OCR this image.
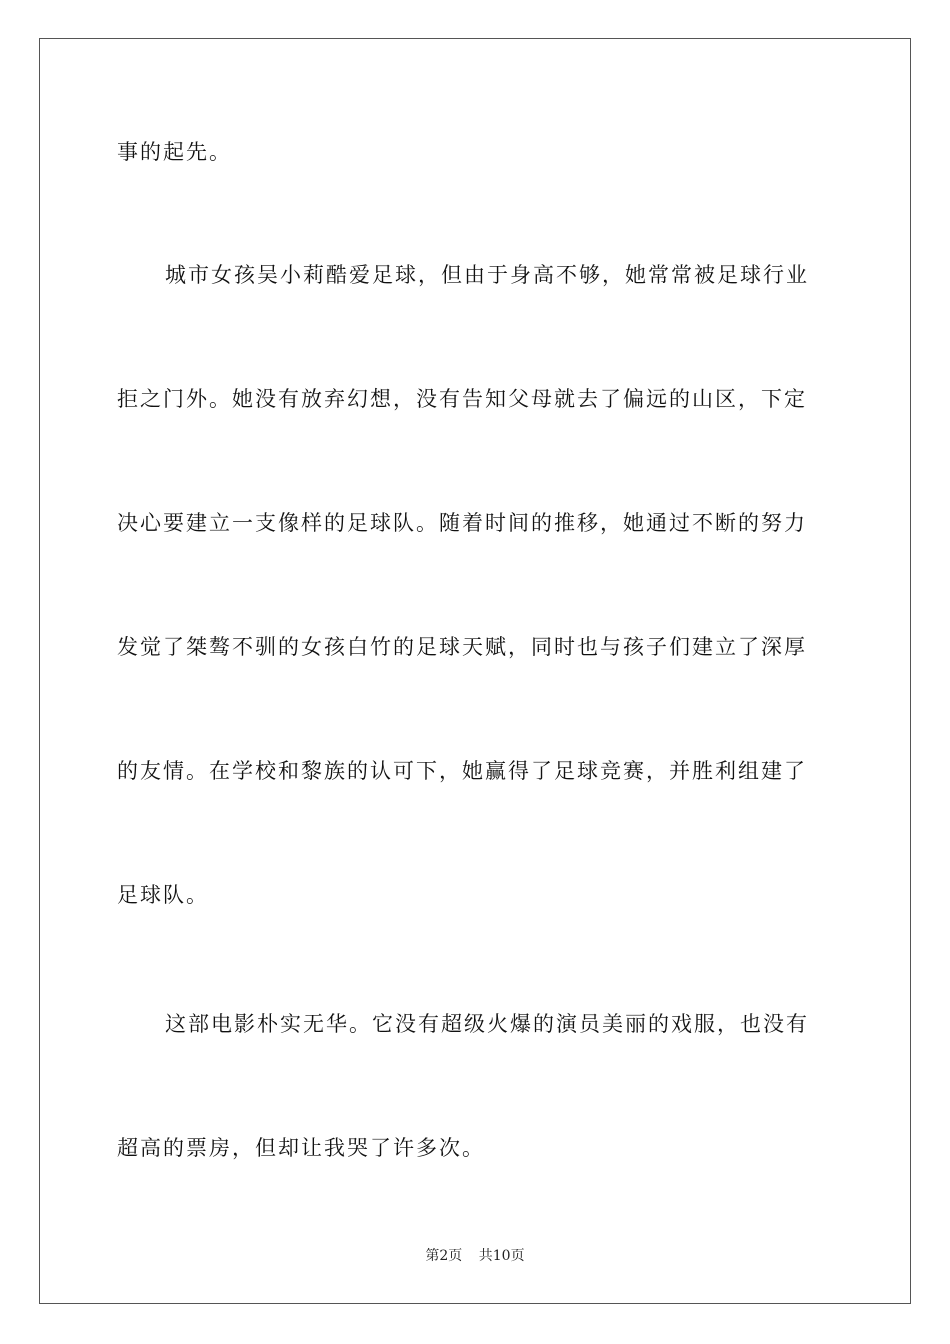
事的起先。
城市女孩吴小莉酷爱足球，但由于身高不够，她常常被足球行业
拒之门外。她没有放弃幻想，没有告知父母就去了偏远的山区，下定
决心要建立一支像样的足球队。随着时间的推移，她通过不断的努力
发觉了桀骜不驯的女孩白竹的足球天赋，同时也与孩子们建立了深厚
的友情。在学校和黎族的认可下，她赢得了足球竞赛，并胜利组建了
足球队。
这部电影朴实无华。它没有超级火爆的演员美丽的戏服，也没有
超高的票房，但却让我哭了许多次。
第2页 共10页
